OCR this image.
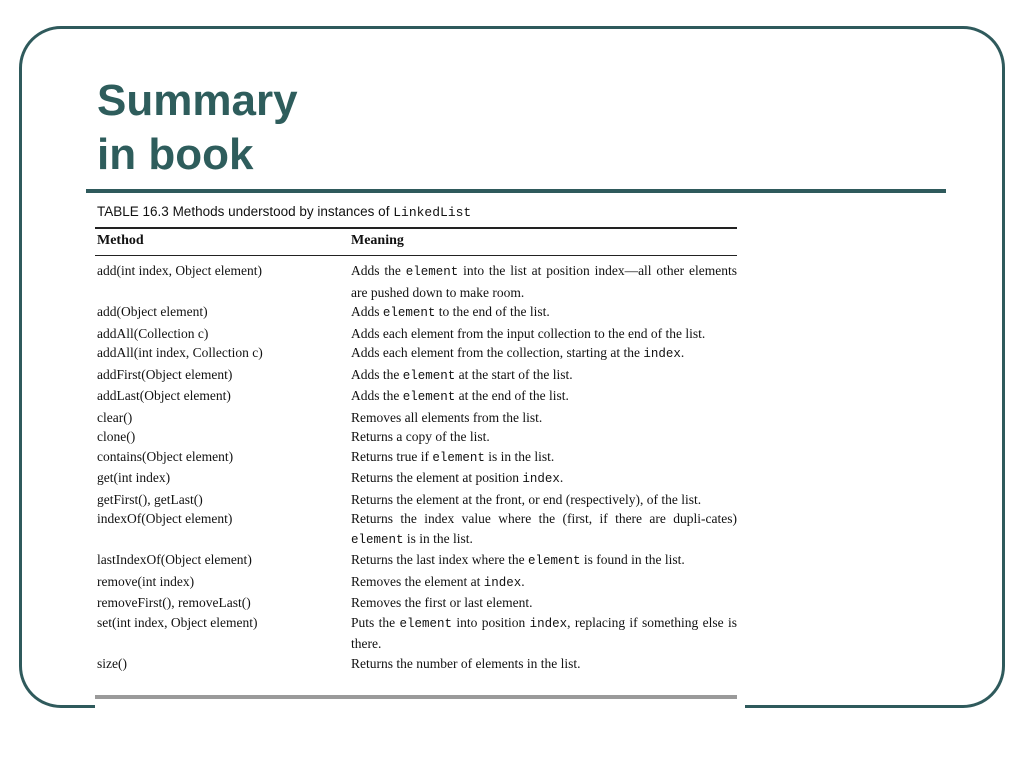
Summary
in book
TABLE 16.3 Methods understood by instances of LinkedList
Method	Meaning
add(int index, Object element)	Adds the element into the list at position index—all other elements are pushed down to make room.
add(Object element)	Adds element to the end of the list.
addAll(Collection c)	Adds each element from the input collection to the end of the list.
addAll(int index, Collection c)	Adds each element from the collection, starting at the index.
addFirst(Object element)	Adds the element at the start of the list.
addLast(Object element)	Adds the element at the end of the list.
clear()	Removes all elements from the list.
clone()	Returns a copy of the list.
contains(Object element)	Returns true if element is in the list.
get(int index)	Returns the element at position index.
getFirst(), getLast()	Returns the element at the front, or end (respectively), of the list.
indexOf(Object element)	Returns the index value where the (first, if there are dupli-cates) element is in the list.
lastIndexOf(Object element)	Returns the last index where the element is found in the list.
remove(int index)	Removes the element at index.
removeFirst(), removeLast()	Removes the first or last element.
set(int index, Object element)	Puts the element into position index, replacing if something else is there.
size()	Returns the number of elements in the list.
